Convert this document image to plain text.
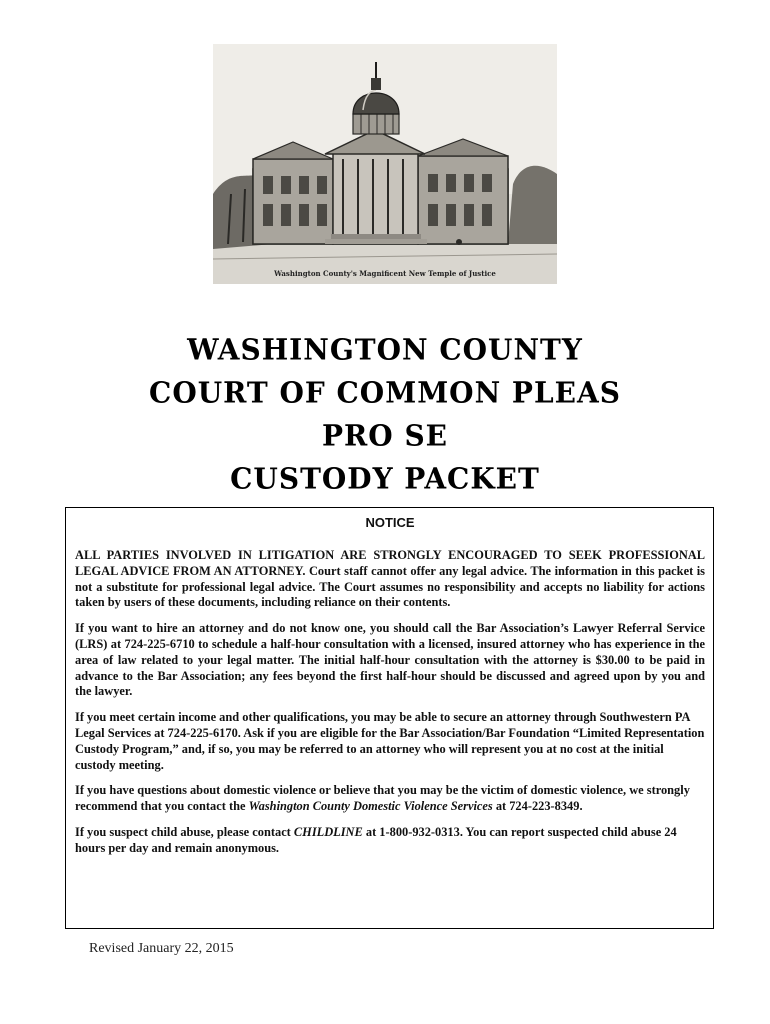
Washington County's Magnificent New Temple of Justice
WASHINGTON COUNTY
COURT OF COMMON PLEAS
PRO SE
CUSTODY PACKET
NOTICE

ALL PARTIES INVOLVED IN LITIGATION ARE STRONGLY ENCOURAGED TO SEEK PROFESSIONAL LEGAL ADVICE FROM AN ATTORNEY. Court staff cannot offer any legal advice. The information in this packet is not a substitute for professional legal advice. The Court assumes no responsibility and accepts no liability for actions taken by users of these documents, including reliance on their contents.

If you want to hire an attorney and do not know one, you should call the Bar Association’s Lawyer Referral Service (LRS) at 724-225-6710 to schedule a half-hour consultation with a licensed, insured attorney who has experience in the area of law related to your legal matter. The initial half-hour consultation with the attorney is $30.00 to be paid in advance to the Bar Association; any fees beyond the first half-hour should be discussed and agreed upon by you and the lawyer.

If you meet certain income and other qualifications, you may be able to secure an attorney through Southwestern PA Legal Services at 724-225-6170. Ask if you are eligible for the Bar Association/Bar Foundation “Limited Representation Custody Program,” and, if so, you may be referred to an attorney who will represent you at no cost at the initial custody meeting.

If you have questions about domestic violence or believe that you may be the victim of domestic violence, we strongly recommend that you contact the Washington County Domestic Violence Services at 724-223-8349.

If you suspect child abuse, please contact CHILDLINE at 1-800-932-0313. You can report suspected child abuse 24 hours per day and remain anonymous.

Revised January 22, 2015
